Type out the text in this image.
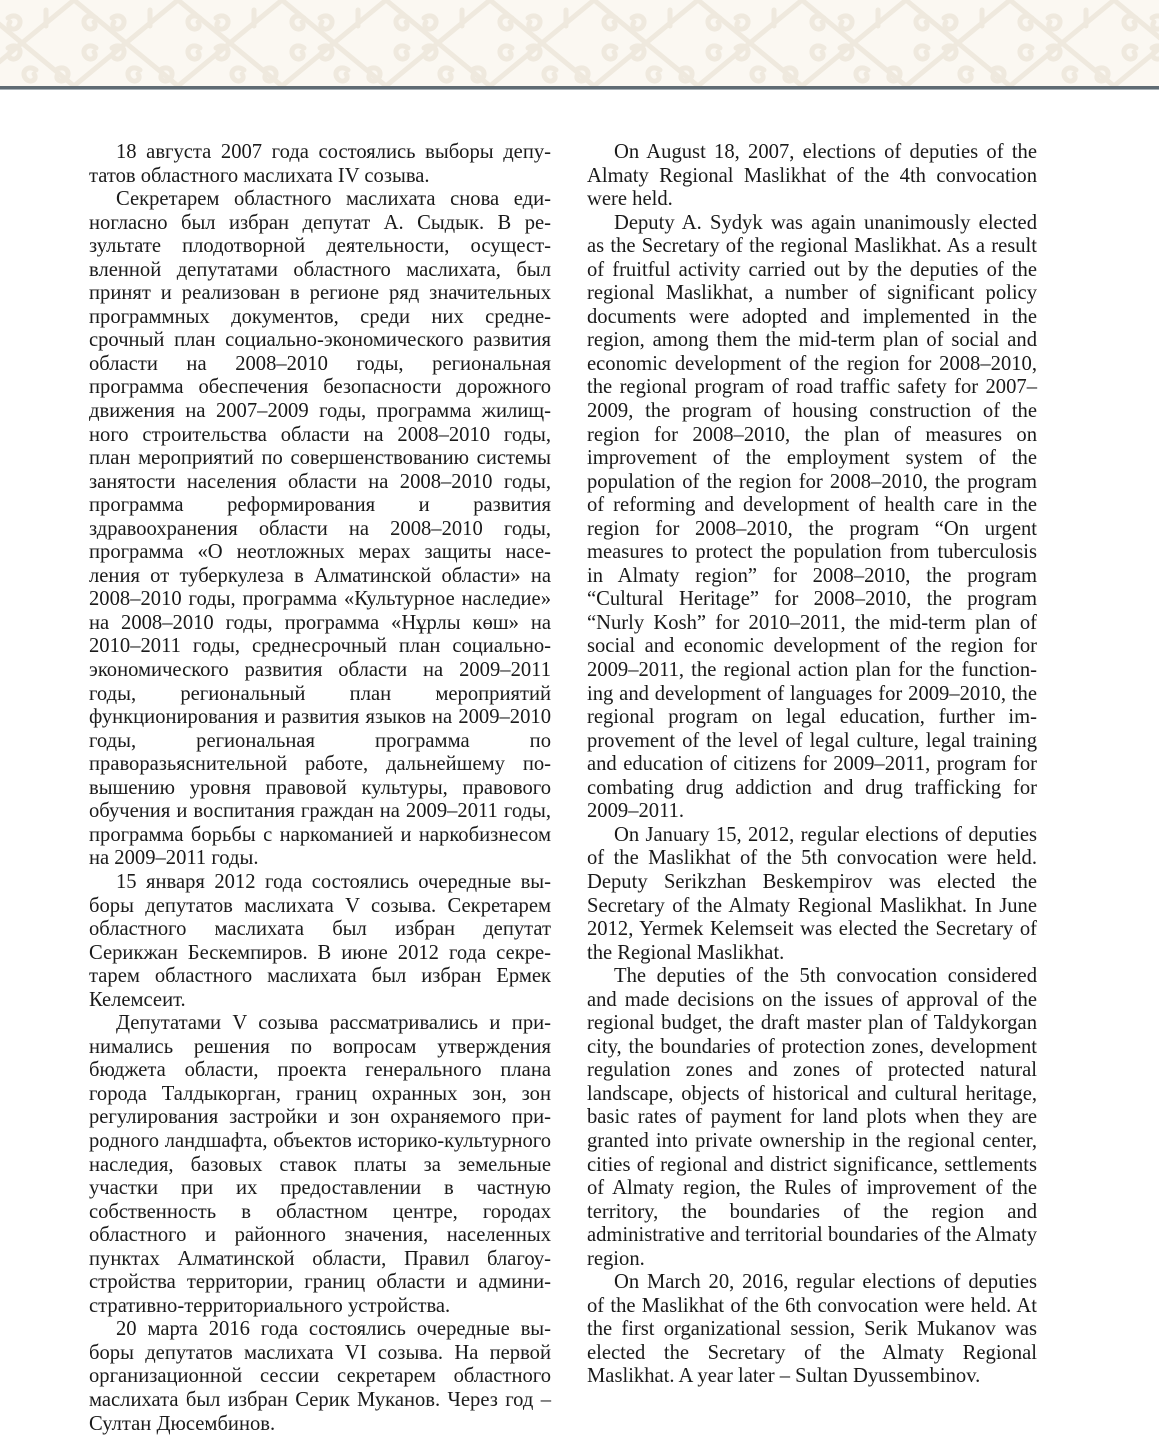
18 августа 2007 года состоялись выборы депутатов областного маслихата IV созыва.

Секретарем областного маслихата снова единогласно был избран депутат А. Сыдык. В результате плодотворной деятельности, осуществленной депутатами областного маслихата, был принят и реализован в регионе ряд значительных программных документов, среди них среднесрочный план социально-экономического развития области на 2008–2010 годы, региональная программа обеспечения безопасности дорожного движения на 2007–2009 годы, программа жилищного строительства области на 2008–2010 годы, план мероприятий по совершенствованию системы занятости населения области на 2008–2010 годы, программа реформирования и развития здравоохранения области на 2008–2010 годы, программа «О неотложных мерах защиты населения от туберкулеза в Алматинской области» на 2008–2010 годы, программа «Культурное наследие» на 2008–2010 годы, программа «Нұрлы көш» на 2010–2011 годы, среднесрочный план социально-экономического развития области на 2009–2011 годы, региональный план мероприятий функционирования и развития языков на 2009–2010 годы, региональная программа по праворазьяснительной работе, дальнейшему повышению уровня правовой культуры, правового обучения и воспитания граждан на 2009–2011 годы, программа борьбы с наркоманией и наркобизнесом на 2009–2011 годы.

15 января 2012 года состоялись очередные выборы депутатов маслихата V созыва. Секретарем областного маслихата был избран депутат Серикжан Бескемпиров. В июне 2012 года секретарем областного маслихата был избран Ермек Келемсеит.

Депутатами V созыва рассматривались и принимались решения по вопросам утверждения бюджета области, проекта генерального плана города Талдыкорган, границ охранных зон, зон регулирования застройки и зон охраняемого природного ландшафта, объектов историко-культурного наследия, базовых ставок платы за земельные участки при их предоставлении в частную собственность в областном центре, городах областного и районного значения, населенных пунктах Алматинской области, Правил благоустройства территории, границ области и административно-территориального устройства.

20 марта 2016 года состоялись очередные выборы депутатов маслихата VI созыва. На первой организационной сессии секретарем областного маслихата был избран Серик Муканов. Через год – Султан Дюсембинов.

On August 18, 2007, elections of deputies of the Almaty Regional Maslikhat of the 4th convocation were held.

Deputy A. Sydyk was again unanimously elected as the Secretary of the regional Maslikhat. As a result of fruitful activity carried out by the deputies of the regional Maslikhat, a number of significant policy documents were adopted and implemented in the region, among them the mid-term plan of social and economic development of the region for 2008–2010, the regional program of road traffic safety for 2007–2009, the program of housing construction of the region for 2008–2010, the plan of measures on improvement of the employment system of the population of the region for 2008–2010, the program of reforming and development of health care in the region for 2008–2010, the program “On urgent measures to protect the population from tuberculosis in Almaty region” for 2008–2010, the program “Cultural Heritage” for 2008–2010, the program “Nurly Kosh” for 2010–2011, the mid-term plan of social and economic development of the region for 2009–2011, the regional action plan for the functioning and development of languages for 2009–2010, the regional program on legal education, further improvement of the level of legal culture, legal training and education of citizens for 2009–2011, program for combating drug addiction and drug trafficking for 2009–2011.

On January 15, 2012, regular elections of deputies of the Maslikhat of the 5th convocation were held. Deputy Serikzhan Beskempirov was elected the Secretary of the Almaty Regional Maslikhat. In June 2012, Yermek Kelemseit was elected the Secretary of the Regional Maslikhat.

The deputies of the 5th convocation considered and made decisions on the issues of approval of the regional budget, the draft master plan of Taldykorgan city, the boundaries of protection zones, development regulation zones and zones of protected natural landscape, objects of historical and cultural heritage, basic rates of payment for land plots when they are granted into private ownership in the regional center, cities of regional and district significance, settlements of Almaty region, the Rules of improvement of the territory, the boundaries of the region and administrative and territorial boundaries of the Almaty region.

On March 20, 2016, regular elections of deputies of the Maslikhat of the 6th convocation were held. At the first organizational session, Serik Mukanov was elected the Secretary of the Almaty Regional Maslikhat. A year later – Sultan Dyussembinov.
